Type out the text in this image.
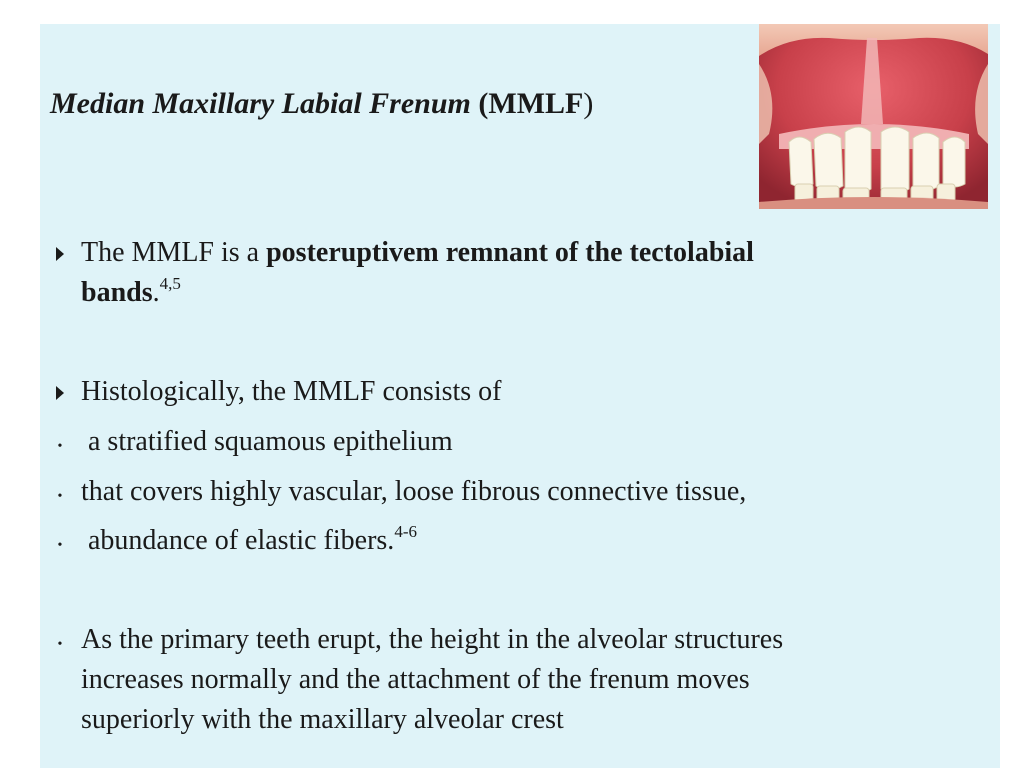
Median Maxillary Labial Frenum (MMLF)
The MMLF is a posteruptivem remnant of the tectolabial
bands.$^{4,5}$
Histologically, the MMLF consists of
• a stratified squamous epithelium
• that covers highly vascular, loose fibrous connective tissue,
• abundance of elastic fibers.$^{4-6}$
• As the primary teeth erupt, the height in the alveolar structures
increases normally and the attachment of the frenum moves
superiorly with the maxillary alveolar crest
